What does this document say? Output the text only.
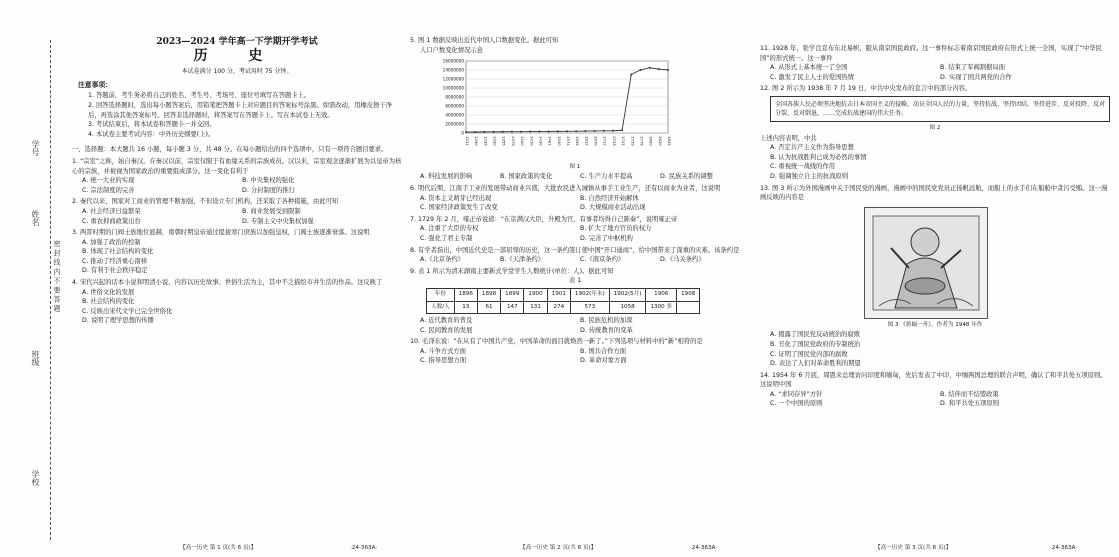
学号
姓名
密 封 线 内 不 要 答 题
班级
学校
2023—2024 学年高一下学期开学考试
历 史
本试卷满分 100 分，考试用时 75 分钟。
注意事项：
1. 答题前，考生务必将自己的姓名、考生号、考场号、座位号填写在答题卡上。
2. 回答选择题时，选出每小题答案后，用铅笔把答题卡上对应题目的答案标号涂黑。如需改动，用橡皮擦干净后，再选涂其他答案标号。回答非选择题时，将答案写在答题卡上。写在本试卷上无效。
3. 考试结束后，将本试卷和答题卡一并交回。
4. 本试卷主要考试内容：中外历史纲要(上)。
一、选择题：本大题共 16 小题，每小题 3 分，共 48 分。在每小题给出的四个选项中，只有一项符合题目要求。

1. “宗室”之称，始自秦汉。在秦汉以前，宗室仅限于有血缘关系的宗族成员。汉以来，宗室观念逐渐扩展为以皇帝为核心的宗族，并被视为国家政治的重要组成部分。这一变化有利于

A. 统一大业的实现	B. 中央集权的强化
C. 宗法制度的完善	D. 分封制度的推行

2. 秦代以来，国家对工商业的管理不断加强，不但设立专门机构，还采取了各种措施，由此可知

A. 社会经济日益繁荣	B. 商业发展受到限制
C. 重农抑商政策出台	D. 专制主义中央集权加强

3. 两晋时期的门阀士族地位显赫，南朝时期皇帝通过提拔寒门庶族以加强皇权，门阀士族逐渐衰落。这说明

A. 加强了政治的控制
B. 体现了社会结构的变化
C. 推动了经济重心南移
D. 有利于社会秩序稳定

4. 宋代兴起的话本小说和明清小说，内容以历史故事、世俗生活为主，其中不乏描绘市井生活的作品。这反映了

A. 世俗文化的发展
B. 社会结构的变化
C. 反映出宋代文学已完全世俗化
D. 说明了理学思想的传播
【高一历史 第 1 页(共 6 页)】	·24-363A·

5. 图 1 数据反映出近代中国人口数据变化。据此可知

人口户数变化情况示意

0
2000000
4000000
6000000
8000000
10000000
12000000
14000000
16000000
1231 1250 1295 1330 1355 1379 1400 1410 1430 1461 1540 1574 1595 1612 1670 1712 1733 1741 1755 1775 1800 1820 1835
图 1
A. 科技发展的影响	B. 国家政策的变化	C. 生产力水平提高	D. 民族关系的调整

6. 明代后期，江南手工业的发展带动商业兴盛，大批农民进入城镇从事手工业生产，还有以商业为业者，这说明

A. 资本主义萌芽已经出现	B. 自然经济开始解体
C. 国家经济政策发生了改变	D. 大规模商业活动出现

7. 1729 年 2 月，雍正帝说道：“在京满汉大臣，升殿为官，有事者均得自己陈奏”，说明雍正帝

A. 注重了大臣的专权	B. 扩大了地方官员的权力
C. 强化了君主专制	D. 完善了中枢机构

8. 有学者指出，中国近代史是一部屈辱的历史，这一条约签订使中国“开口通商”，给中国带来了深重的灾难。该条约是

A.《北京条约》	B.《天津条约》	C.《南京条约》	D.《马关条约》

9. 表 1 所示为清末湖南主要新式学堂学生人数统计(单位：人)。据此可知

表 1
年份	1896	1898	1899	1900	1901	1902(年末)	1902(5月)	1906	1908
人数/人	13	61	147	131	274	573	1058	1300 多	
A. 近代教育的普及	B. 民族危机的加深
C. 民间教育的发展	D. 传统教育的变革

10. 毛泽东说：“在从有了中国共产党，中国革命的面目就焕然一新了。”下列选项与材料中的“新”相符的是

A. 斗争方式方面	B. 国共合作方面
C. 指导思想方面	D. 革命对象方面
【高一历史 第 2 页(共 6 页)】	·24-363A·

11. 1928 年，张学良宣布东北易帜，服从南京国民政府。这一事件标志着南京国民政府在形式上统一全国，实现了“中华民国”的形式统一。这一事件

A. 从形式上基本统一了全国	B. 结束了军阀割据局面
C. 激发了民主人士的爱国热情	D. 实现了国共两党的合作

12. 图 2 所示为 1938 年 7 月 19 日，中共中央发布的宣言中的部分内容。

全国各族人民必须坚决地抗击日本帝国主义的侵略，动员全国人民的力量，坚持抗战、坚持团结、坚持进步，反对投降、反对分裂、反对倒退，……完成抗战建国的伟大任务。
图 2

上述内容表明，中共

A. 否定共产主义作为指导思想
B. 认为抗战胜利已成为必然的事情
C. 重视统一战线的作用
D. 强调独立自主的抗战原则

13. 图 3 所示为外国漫画中关于国民党的漫画，漫画中的国民党党员正扬帆远航，而船上的水手们在船舱中贪污受贿。这一漫画反映的内容是

图 3 《蒋蝠一舟》，作者为 1948 年作
A. 揭露了国民党反动统治的腐败
B. 丑化了国民党政府的专制统治
C. 证明了国民党内部的腐败
D. 表达了人们对革命胜利的期望

14. 1954 年 6 月底，周恩来总理访问印度和缅甸，先后发表了中印、中缅两国总理的联合声明，确认了和平共处五项原则。这说明中国

A. “求同存异”方针	B. 结伴而不结盟政策
C. 一个中国的原则	D. 和平共处五项原则
【高一历史 第 3 页(共 6 页)】	·24-363A·
